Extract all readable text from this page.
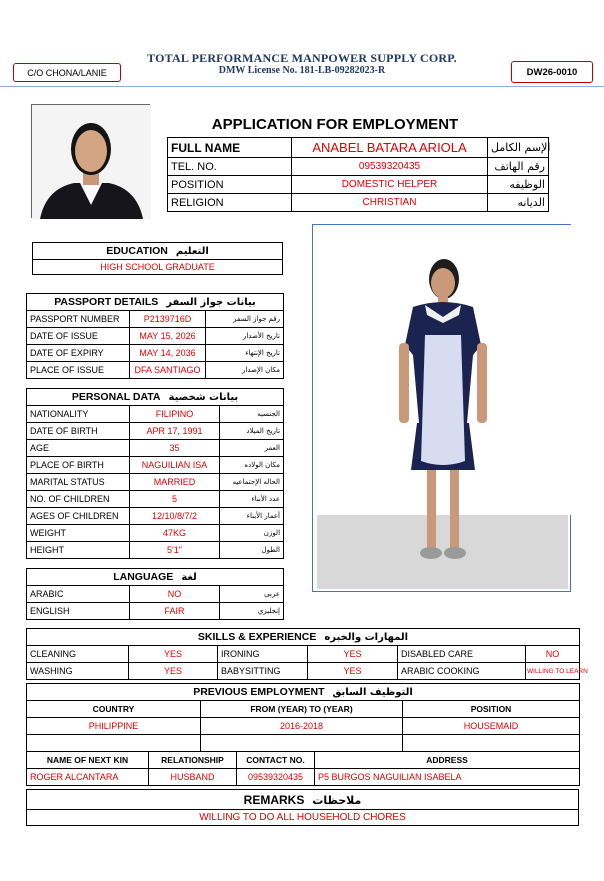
TOTAL PERFORMANCE MANPOWER SUPPLY CORP.
DMW License No. 181-LB-09282023-R
C/O CHONA/LANIE	DW26-0010
APPLICATION FOR EMPLOYMENT
FULL NAME	ANABEL BATARA ARIOLA	الإسم الكامل
TEL. NO.	09539320435	رقم الهاتف
POSITION	DOMESTIC HELPER	الوظيفه
RELIGION	CHRISTIAN	الديانه
EDUCATION التعليم
HIGH SCHOOL GRADUATE
PASSPORT DETAILS بيانات جواز السفر		
PASSPORT NUMBER	P2139716D	رقم جواز السفر
DATE OF ISSUE	MAY 15, 2026	تاريخ الأصدار
DATE OF EXPIRY	MAY 14, 2036	تاريخ الإنتهاء
PLACE OF ISSUE	DFA SANTIAGO	مكان الإصدار
PERSONAL DATA بيانات شخصية		
NATIONALITY	FILIPINO	الجنسيه
DATE OF BIRTH	APR 17, 1991	تاريخ الميلاد
AGE	35	العمر
PLACE OF BIRTH	NAGUILIAN ISA	مكان الولاده
MARITAL STATUS	MARRIED	الحاله الإجتماعيه
NO. OF CHILDREN	5	عدد الأبناء
AGES OF CHILDREN	12/10/8/7/2	أعمار الأبناء
WEIGHT	47KG	الوزن
HEIGHT	5'1"	الطول
LANGUAGE لغة		
ARABIC	NO	عربى
ENGLISH	FAIR	إنجليزي
SKILLS & EXPERIENCE المهارات والخبره					
CLEANING	YES	IRONING	YES	DISABLED CARE	NO
WASHING	YES	BABYSITTING	YES	ARABIC COOKING	WILLING TO LEARN
PREVIOUS EMPLOYMENT التوظيف السابق		
COUNTRY	FROM (YEAR) TO (YEAR)	POSITION
PHILIPPINE	2016-2018	HOUSEMAID

NAME OF NEXT KIN	RELATIONSHIP	CONTACT NO.	ADDRESS
ROGER ALCANTARA	HUSBAND	09539320435	P5 BURGOS NAGUILIAN ISABELA
REMARKS ملاحظات
WILLING TO DO ALL HOUSEHOLD CHORES
